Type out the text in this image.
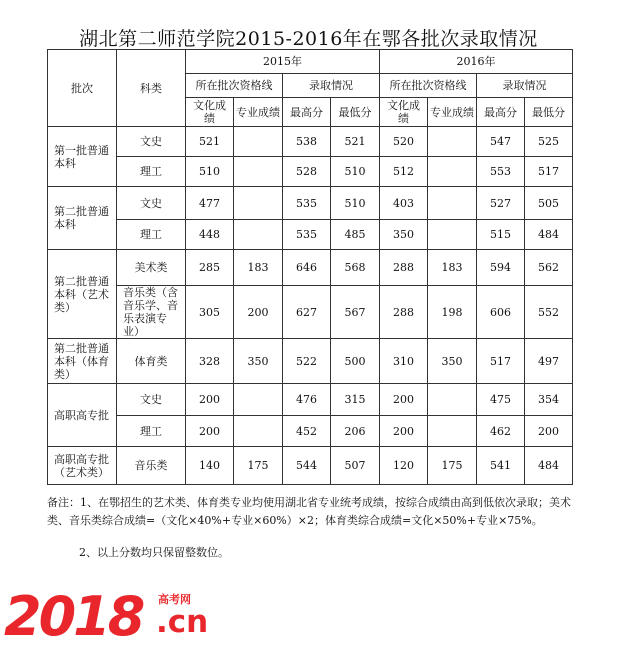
湖北第二师范学院2015-2016年在鄂各批次录取情况
批次	科类	2015年				2016年			
		所在批次资格线		录取情况		所在批次资格线		录取情况	
		文化成绩	专业成绩	最高分	最低分	文化成绩	专业成绩	最高分	最低分
第一批普通本科	文史	521		538	521	520		547	525
	理工	510		528	510	512		553	517
第二批普通本科	文史	477		535	510	403		527	505
	理工	448		535	485	350		515	484
第二批普通本科（艺术类）	美术类	285	183	646	568	288	183	594	562
	音乐类（含音乐学、音乐表演专业）	305	200	627	567	288	198	606	552
第二批普通本科（体育类）	体育类	328	350	522	500	310	350	517	497
高职高专批	文史	200		476	315	200		475	354
	理工	200		452	206	200		462	200
高职高专批（艺术类）	音乐类	140	175	544	507	120	175	541	484

备注：1、在鄂招生的艺术类、体育类专业均使用湖北省专业统考成绩，按综合成绩由高到低依次录取；美术类、音乐类综合成绩=（文化×40%+专业×60%）×2；体育类综合成绩=文化×50%+专业×75%。

2、以上分数均只保留整数位。

2018 高考网
.cn
